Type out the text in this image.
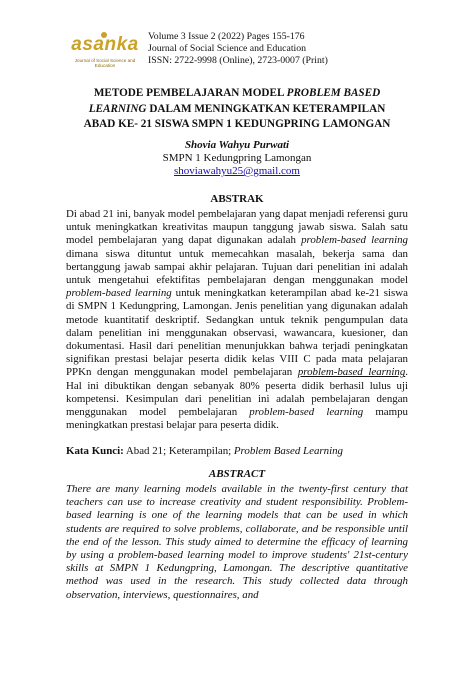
asanka
Journal of Social Science and Education
Volume 3 Issue 2 (2022) Pages 155-176
Journal of Social Science and Education
ISSN: 2722-9998 (Online), 2723-0007 (Print)
METODE PEMBELAJARAN MODEL PROBLEM BASED
LEARNING DALAM MENINGKATKAN KETERAMPILAN
ABAD KE- 21 SISWA SMPN 1 KEDUNGPRING LAMONGAN
Shovia Wahyu Purwati
SMPN 1 Kedungpring Lamongan
shoviawahyu25@gmail.com
ABSTRAK

Di abad 21 ini, banyak model pembelajaran yang dapat menjadi referensi guru untuk meningkatkan kreativitas maupun tanggung jawab siswa. Salah satu model pembelajaran yang dapat digunakan adalah problem-based learning dimana siswa dituntut untuk memecahkan masalah, bekerja sama dan bertanggung jawab sampai akhir pelajaran. Tujuan dari penelitian ini adalah untuk mengetahui efektifitas pembelajaran dengan menggunakan model problem-based learning untuk meningkatkan keterampilan abad ke-21 siswa di SMPN 1 Kedungpring, Lamongan. Jenis penelitian yang digunakan adalah metode kuantitatif deskriptif. Sedangkan untuk teknik pengumpulan data dalam penelitian ini menggunakan observasi, wawancara, kuesioner, dan dokumentasi. Hasil dari penelitian menunjukkan bahwa terjadi peningkatan signifikan prestasi belajar peserta didik kelas VIII C pada mata pelajaran PPKn dengan menggunakan model pembelajaran problem-based learning. Hal ini dibuktikan dengan sebanyak 80% peserta didik berhasil lulus uji kompetensi. Kesimpulan dari penelitian ini adalah pembelajaran dengan menggunakan model pembelajaran problem-based learning mampu meningkatkan prestasi belajar para peserta didik.

Kata Kunci: Abad 21; Keterampilan; Problem Based Learning
ABSTRACT

There are many learning models available in the twenty-first century that teachers can use to increase creativity and student responsibility. Problem-based learning is one of the learning models that can be used in which students are required to solve problems, collaborate, and be responsible until the end of the lesson. This study aimed to determine the efficacy of learning by using a problem-based learning model to improve students' 21st-century skills at SMPN 1 Kedungpring, Lamongan. The descriptive quantitative method was used in the research. This study collected data through observation, interviews, questionnaires, and
